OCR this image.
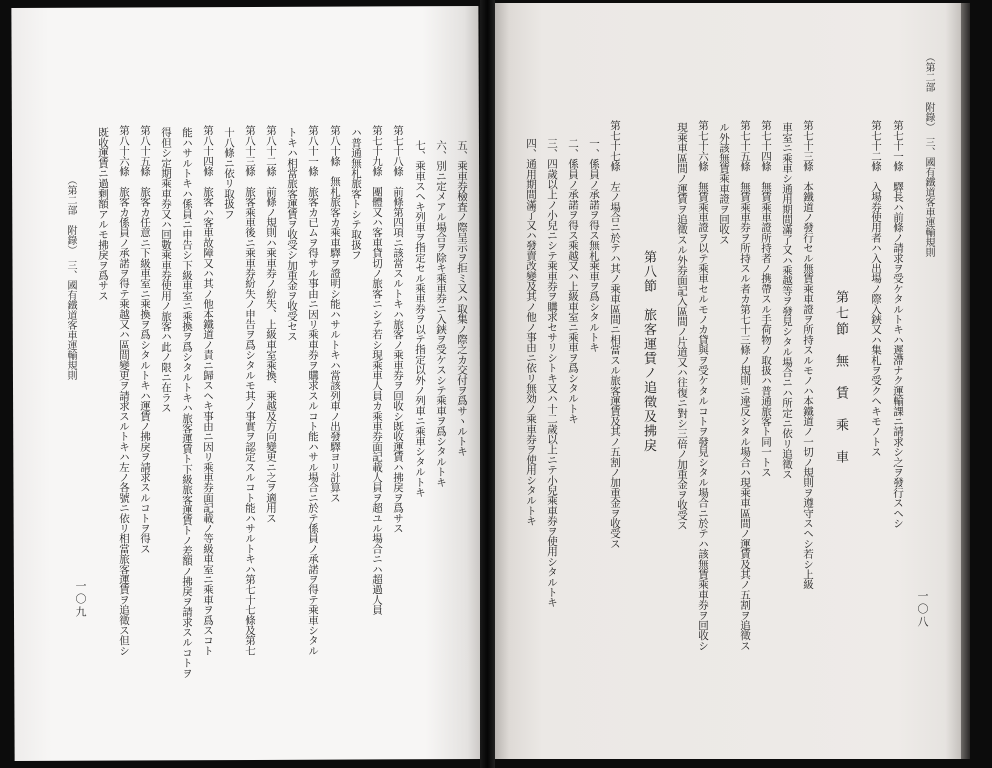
（第二部　附錄）　三、國有鐵道客車運輸規則
一〇八
第七十一條　驛長ハ前條ノ請求ヲ受ケタルトキハ遲滯ナク運輸課ニ請求シ之ヲ發行スヘシ
第七十二條　入場券使用者ハ入出場ノ際入鋏又ハ集札ヲ受クヘキモノトス
第七節　無　賃　乘　車
第七十三條　本鐵道ノ發行セル無賃乘車證ヲ所持スルモノハ本鐵道ノ一切ノ規則ヲ遵守スヘシ若シ上級
車室ニ乘車シ通用期間滿了又ハ乘越等ヲ發見シタル場合ニハ所定ニ依リ追徵ス
第七十四條　無賃乘車證所持者ノ携帶スル手荷物ノ取扱ハ普通旅客ト同一トス
第七十五條　無賃乘車券ヲ所持スル者カ第七十三條ノ規則ニ違反シタル場合ハ現乘車區間ノ運賃及其ノ五割ヲ追徵ス
ル外該無賃乘車證ヲ回收ス
第七十六條　無賃乘車證ヲ以テ乘車セルモノカ貸與ヲ受ケタルコトヲ發見シタル場合ニ於テハ該無賃乘車券ヲ回收シ
現乘車區間ノ運賃ヲ追徵スル外券面記入區間ノ片道又ハ往復ニ對シ三倍ノ加重金ヲ收受ス
第八節　旅客運賃ノ追徵及拂戾
第七十七條　左ノ場合ニ於テハ其ノ乘車區間ニ相當スル旅客運賃及其ノ五割ノ加重金ヲ收受ス
一、係員ノ承諾ヲ得ス無札乘車ヲ爲シタルトキ
二、係員ノ承諾ヲ得ス乘越又ハ上級車室ニ乘車ヲ爲シタルトキ
三、四歲以上ノ小兒ニシテ乘車券ヲ購求セサリシトキ又ハ十二歲以上ニテ小兒乘車券ヲ使用シタルトキ
四、通用期間滿了又ハ發賣改變及其ノ他ノ事由ニ依リ無効ノ乘車券ヲ使用シタルトキ
五、乘車券檢査ノ際呈示ヲ拒ミ又ハ取集ノ際之カ交付ヲ爲サヽルトキ
六、別ニ定メアル場合ヲ除キ乘車券ニ入鋏ヲ受ケスシテ乘車ヲ爲シタルトキ
七、乘車スヘキ列車ヲ指定セル乘車券ヲ以テ指定以外ノ列車ニ乘車シタルトキ
第七十八條　前條第四項ニ該當スルトキハ旅客ノ乘車券ヲ回收シ既收運賃ハ拂戾ヲ爲サス
第七十九條　團體又ハ客車貸切ノ旅客ニシテ若シ現乘車人員カ乘車券面記載人員ヲ超ユル場合ニハ超過人員
ハ普通無札旅客トシテ取扱フ
第八十條　無札旅客カ乘車驛ヲ證明シ能ハサルトキハ當該列車ノ出發驛ヨリ計算ス
第八十一條　旅客カ已ムヲ得サル事由ニ因リ乘車券ヲ購求スルコト能ハサル場合ニ於テ係員ノ承諾ヲ得テ乘車シタル
トキハ相當旅客運賃ヲ收受シ加重金ヲ收受セス
第八十二條　前條ノ規則ハ乘車券ノ紛失、上級車室乘換、乘越及方向變更ニ之ヲ適用ス
第八十三條　旅客乘車後ニ乘車券紛失ノ申告ヲ爲シタルモ其ノ事實ヲ認定スルコト能ハサルトキハ第七十七條及第七
十八條ニ依リ取扱フ
第八十四條　旅客ハ客車故障又ハ其ノ他本鐵道ノ責ニ歸スヘキ事由ニ因リ乘車券面記載ノ等級車室ニ乘車ヲ爲スコト
能ハサルトキハ係員ニ申告シ下級車室ニ乘換ヲ爲シタルトキハ旅客運賃ト下級旅客運賃トノ差額ノ拂戾ヲ請求スルコトヲ
得但シ定期乘車券又ハ回數乘車券使用ノ旅客ハ此ノ限ニ在ラス
第八十五條　旅客カ任意ニ下級車室ニ乘換ヲ爲シタルトキハ運賃ノ拂戾ヲ請求スルコトヲ得ス
第八十六條　旅客カ係員ノ承諾ヲ得テ乘越又ハ區間變更ヲ請求スルトキハ左ノ各號ニ依リ相當旅客運賃ヲ追徵ス但シ
既收運賃ニ過剩額アルモ拂戾ヲ爲サス
（第二部　附錄）　三、國有鐵道客車運輸規則
一〇九
